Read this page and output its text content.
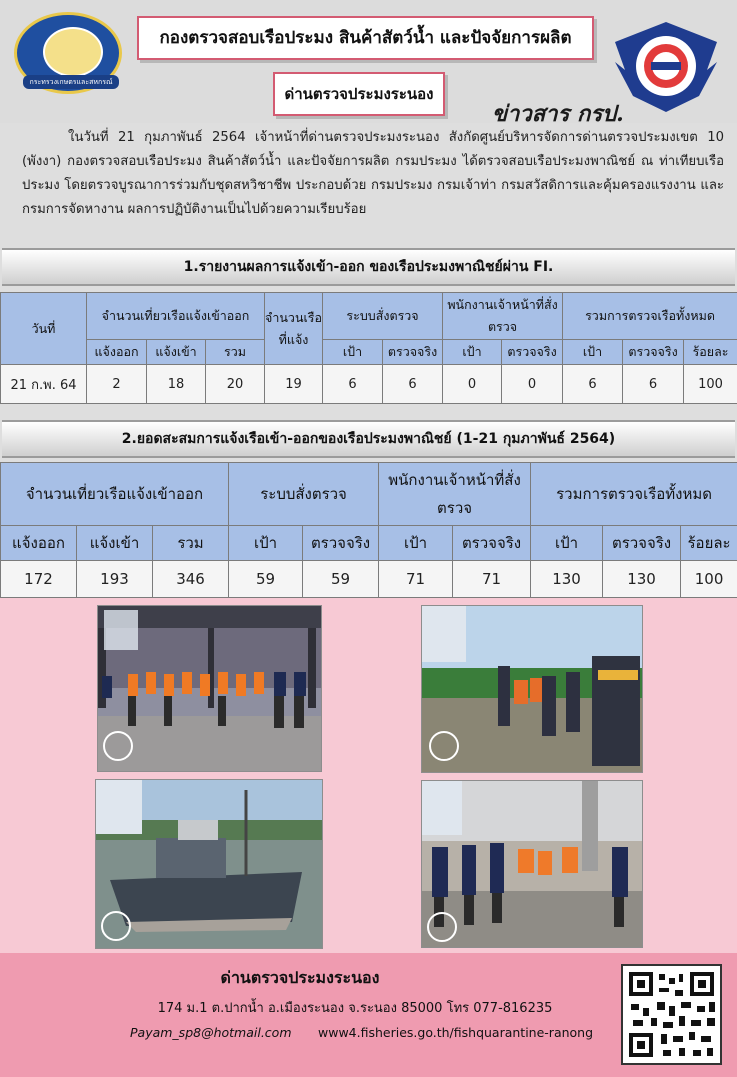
กระทรวงเกษตรและสหกรณ์
กองตรวจสอบเรือประมง สินค้าสัตว์น้ำ และปัจจัยการผลิต
ด่านตรวจประมงระนอง
ข่าวสาร กรป.
ในวันที่ 21 กุมภาพันธ์ 2564 เจ้าหน้าที่ด่านตรวจประมงระนอง สังกัดศูนย์บริหารจัดการด่านตรวจประมงเขต 10 (พังงา) กองตรวจสอบเรือประมง สินค้าสัตว์น้ำ และปัจจัยการผลิต กรมประมง ได้ตรวจสอบเรือประมงพาณิชย์ ณ ท่าเทียบเรือประมง โดยตรวจบูรณาการร่วมกับชุดสหวิชาชีพ ประกอบด้วย กรมประมง กรมเจ้าท่า กรมสวัสดิการและคุ้มครองแรงงาน และกรมการจัดหางาน ผลการปฏิบัติงานเป็นไปด้วยความเรียบร้อย
1.รายงานผลการแจ้งเข้า-ออก ของเรือประมงพาณิชย์ผ่าน FI.
วันที่	จำนวนเที่ยวเรือแจ้งเข้าออก			จำนวนเรือที่แจ้ง	ระบบสั่งตรวจ		พนักงานเจ้าหน้าที่สั่งตรวจ		รวมการตรวจเรือทั้งหมด		
	แจ้งออก	แจ้งเข้า	รวม		เป้า	ตรวจจริง	เป้า	ตรวจจริง	เป้า	ตรวจจริง	ร้อยละ
21 ก.พ. 64	2	18	20	19	6	6	0	0	6	6	100
2.ยอดสะสมการแจ้งเรือเข้า-ออกของเรือประมงพาณิชย์ (1-21 กุมภาพันธ์ 2564)
จำนวนเที่ยวเรือแจ้งเข้าออก			ระบบสั่งตรวจ		พนักงานเจ้าหน้าที่สั่งตรวจ		รวมการตรวจเรือทั้งหมด		
แจ้งออก	แจ้งเข้า	รวม	เป้า	ตรวจจริง	เป้า	ตรวจจริง	เป้า	ตรวจจริง	ร้อยละ
172	193	346	59	59	71	71	130	130	100
ด่านตรวจประมงระนอง
174 ม.1 ต.ปากน้ำ อ.เมืองระนอง จ.ระนอง 85000 โทร 077-816235
Payam_sp8@hotmail.com	www4.fisheries.go.th/fishquarantine-ranong
